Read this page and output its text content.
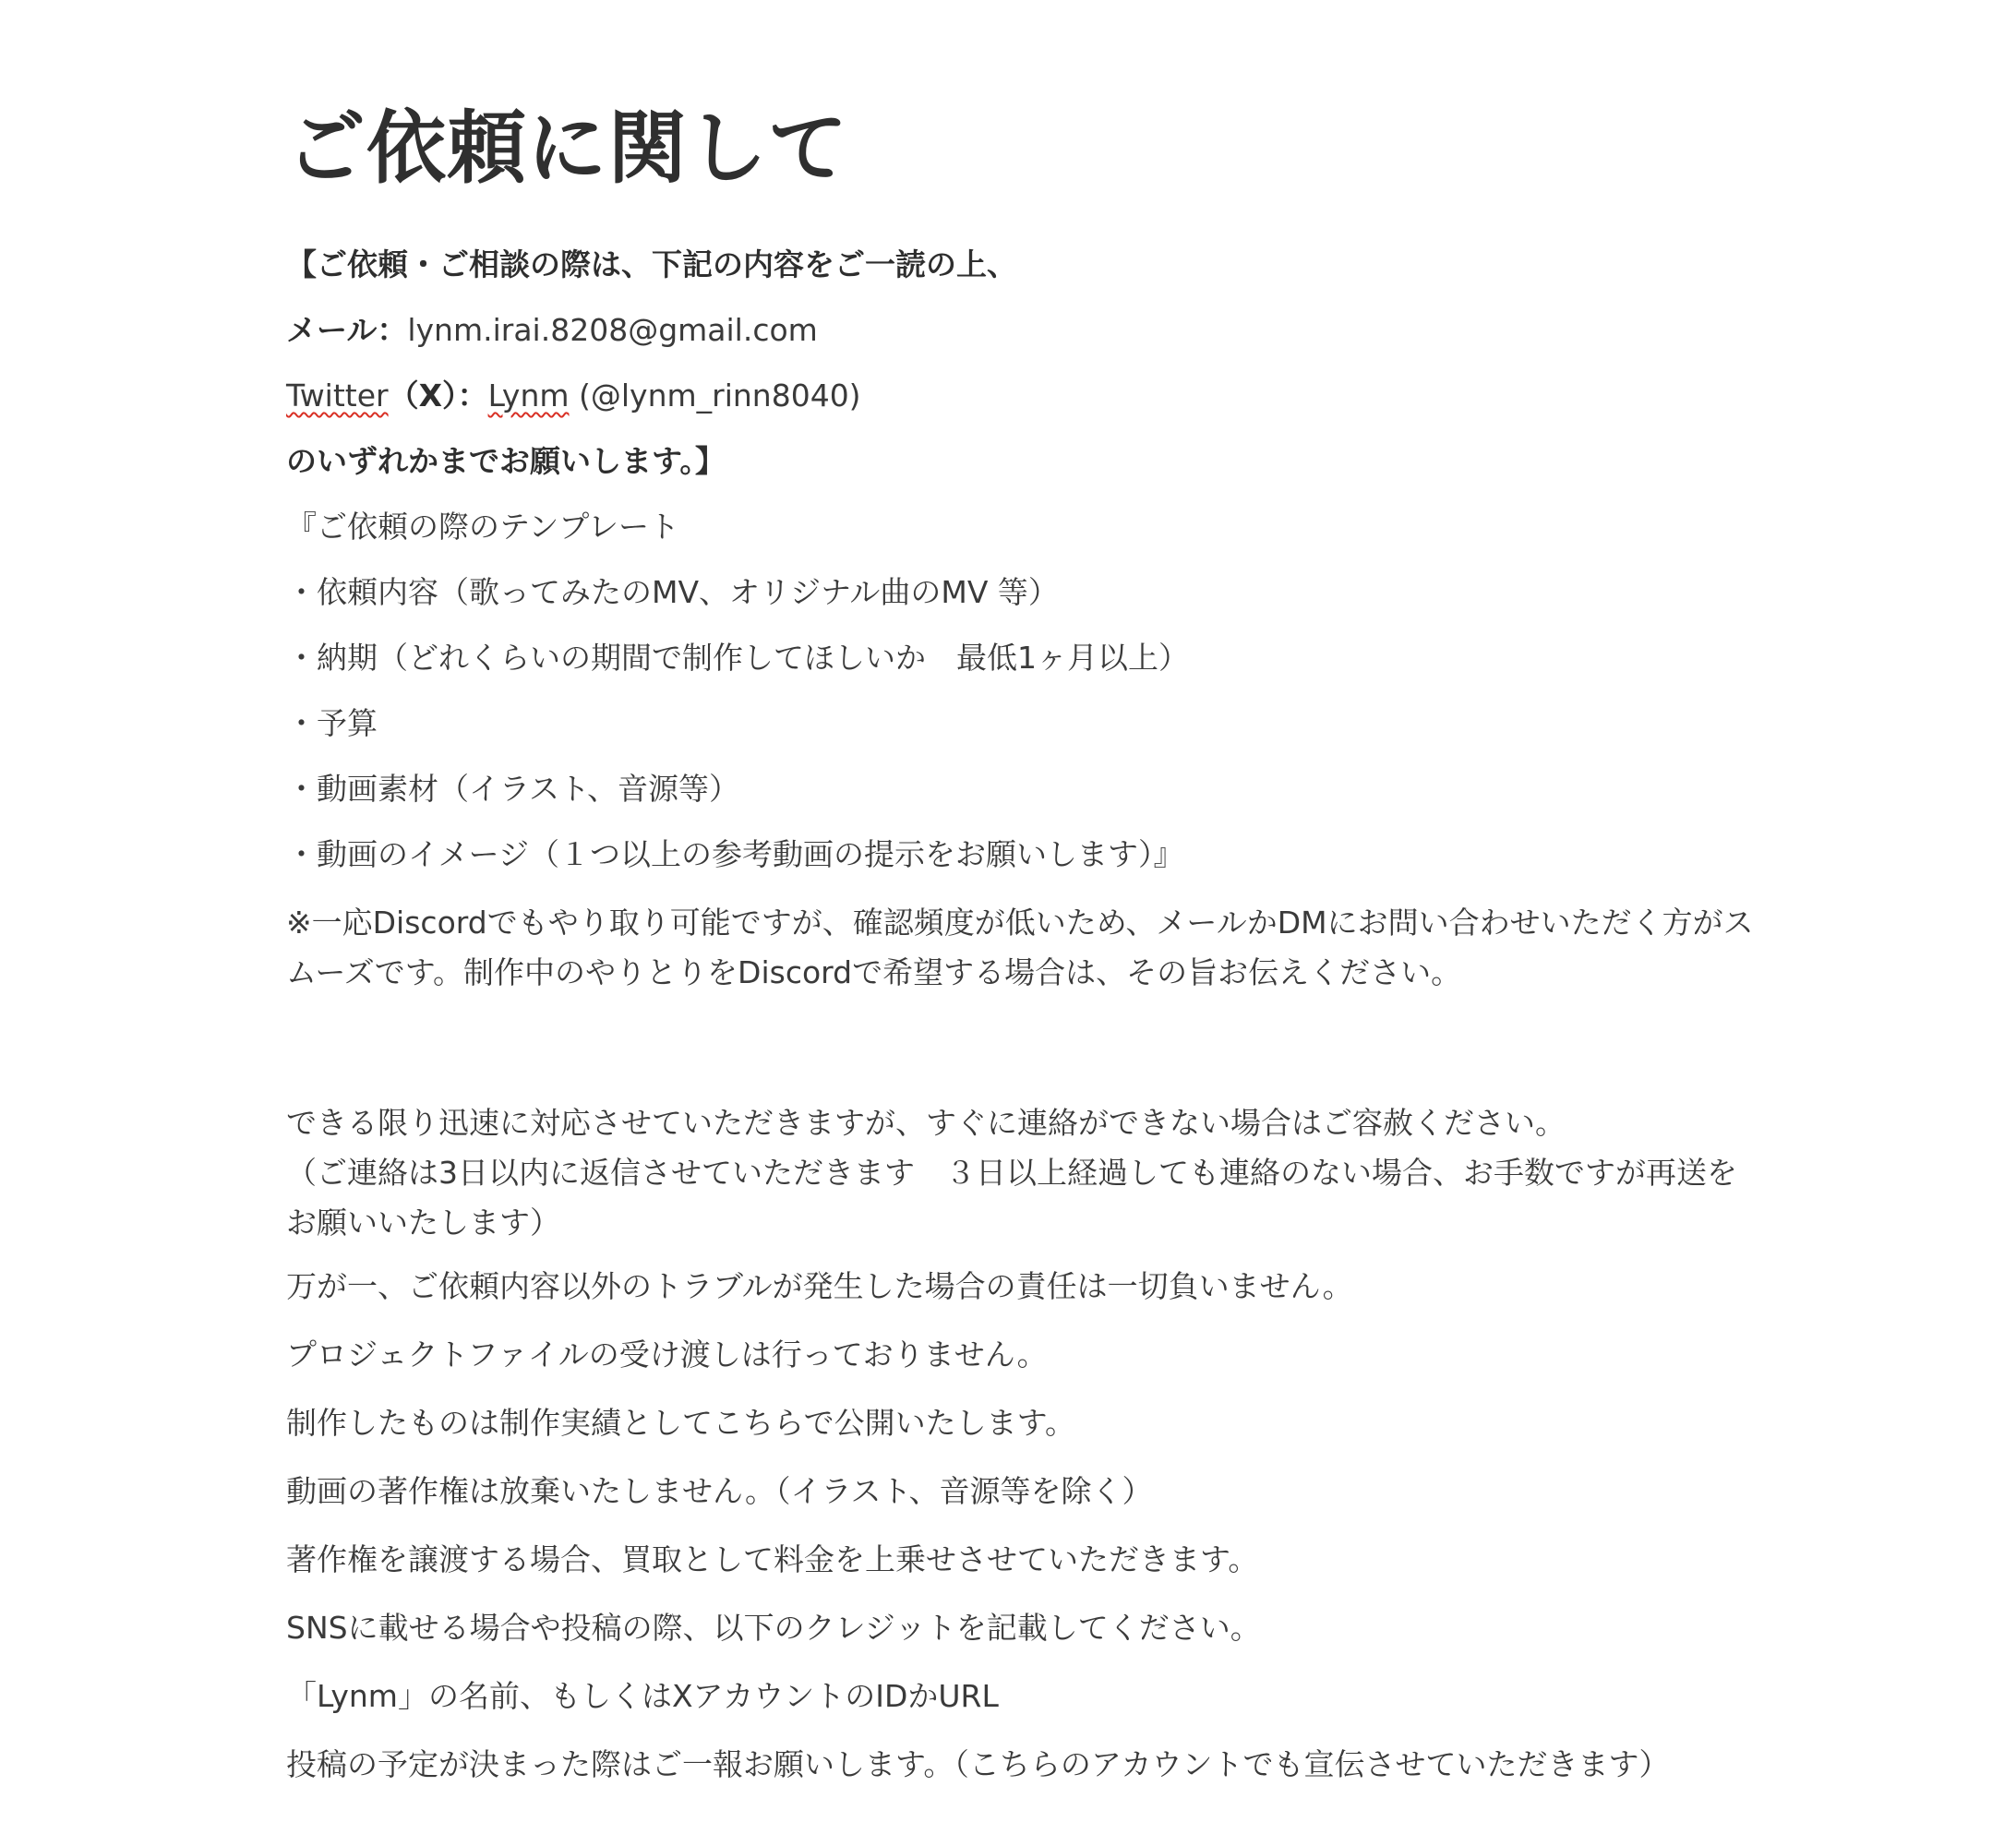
ご依頼に関して
【ご依頼・ご相談の際は、下記の内容をご一読の上、
メール：lynm.irai.8208@gmail.com
Twitter（X）：Lynm (@lynm_rinn8040)
のいずれかまでお願いします。】
『ご依頼の際のテンプレート
・依頼内容（歌ってみたのMV、オリジナル曲のMV 等）
・納期（どれくらいの期間で制作してほしいか　最低1ヶ月以上）
・予算
・動画素材（イラスト、音源等）
・動画のイメージ（１つ以上の参考動画の提示をお願いします）』
※一応Discordでもやり取り可能ですが、確認頻度が低いため、メールかDMにお問い合わせいただく方がスムーズです。制作中のやりとりをDiscordで希望する場合は、その旨お伝えください。
できる限り迅速に対応させていただきますが、すぐに連絡ができない場合はご容赦ください。
（ご連絡は3日以内に返信させていただきます　３日以上経過しても連絡のない場合、お手数ですが再送をお願いいたします）
万が一、ご依頼内容以外のトラブルが発生した場合の責任は一切負いません。
プロジェクトファイルの受け渡しは行っておりません。
制作したものは制作実績としてこちらで公開いたします。
動画の著作権は放棄いたしません。（イラスト、音源等を除く）
著作権を譲渡する場合、買取として料金を上乗せさせていただきます。
SNSに載せる場合や投稿の際、以下のクレジットを記載してください。
「Lynm」の名前、もしくはXアカウントのIDかURL
投稿の予定が決まった際はご一報お願いします。（こちらのアカウントでも宣伝させていただきます）
